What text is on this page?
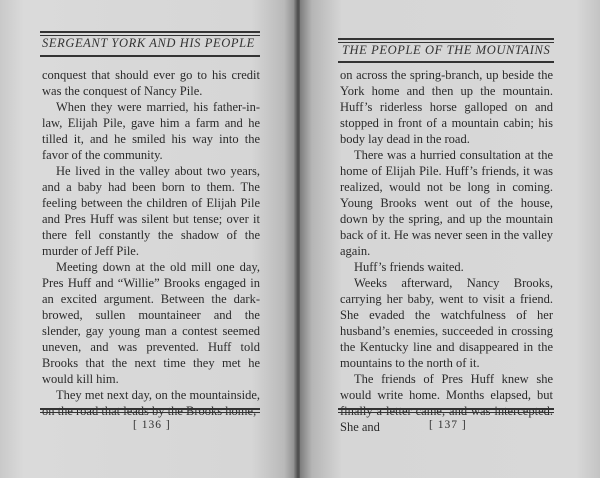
SERGEANT YORK AND HIS PEOPLE

conquest that should ever go to his credit was the conquest of Nancy Pile.

When they were married, his father-in-law, Elijah Pile, gave him a farm and he tilled it, and he smiled his way into the favor of the community.

He lived in the valley about two years, and a baby had been born to them. The feeling between the children of Elijah Pile and Pres Huff was silent but tense; over it there fell constantly the shadow of the murder of Jeff Pile.

Meeting down at the old mill one day, Pres Huff and “Willie” Brooks engaged in an excited argument. Between the dark-browed, sullen mountaineer and the slender, gay young man a contest seemed uneven, and was prevented. Huff told Brooks that the next time they met he would kill him.

They met next day, on the mountainside, on the road that leads by the Brooks home,

[ 136 ]
THE PEOPLE OF THE MOUNTAINS

on across the spring-branch, up beside the York home and then up the mountain. Huff’s riderless horse galloped on and stopped in front of a mountain cabin; his body lay dead in the road.

There was a hurried consultation at the home of Elijah Pile. Huff’s friends, it was realized, would not be long in coming. Young Brooks went out of the house, down by the spring, and up the mountain back of it. He was never seen in the valley again.

Huff’s friends waited.

Weeks afterward, Nancy Brooks, carrying her baby, went to visit a friend. She evaded the watchfulness of her husband’s enemies, succeeded in crossing the Kentucky line and disappeared in the mountains to the north of it.

The friends of Pres Huff knew she would write home. Months elapsed, but finally a letter came, and was intercepted. She and	[ 137 ]
